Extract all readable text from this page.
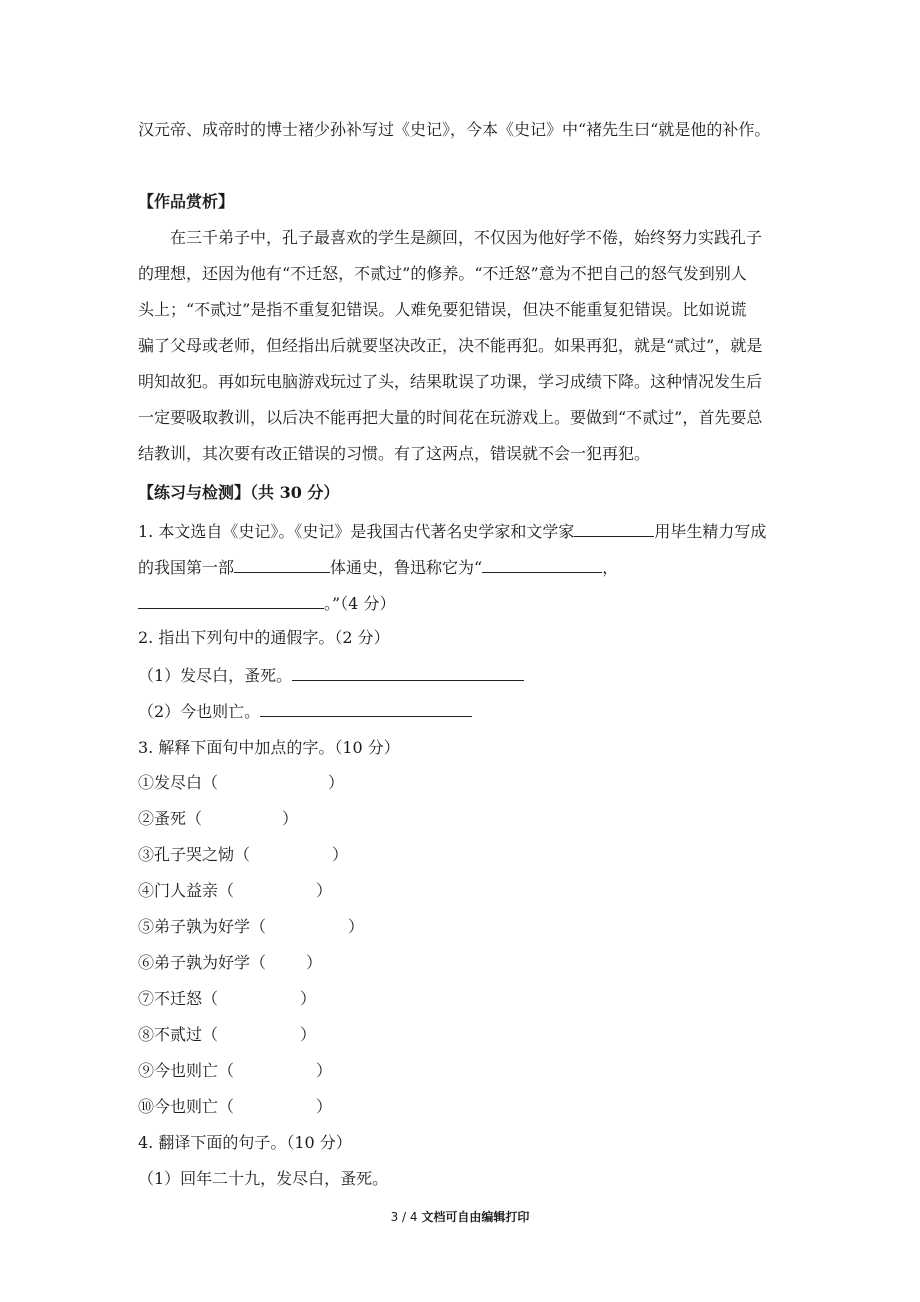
汉元帝、成帝时的博士褚少孙补写过《史记》，今本《史记》中“褚先生曰“就是他的补作。
【作品赏析】
在三千弟子中，孔子最喜欢的学生是颜回，不仅因为他好学不倦，始终努力实践孔子
的理想，还因为他有“不迁怒，不贰过”的修养。“不迁怒”意为不把自己的怒气发到别人
头上；“不贰过”是指不重复犯错误。人难免要犯错误，但决不能重复犯错误。比如说谎
骗了父母或老师，但经指出后就要坚决改正，决不能再犯。如果再犯，就是“贰过”，就是
明知故犯。再如玩电脑游戏玩过了头，结果耽误了功课，学习成绩下降。这种情况发生后
一定要吸取教训，以后决不能再把大量的时间花在玩游戏上。要做到“不贰过”，首先要总
结教训，其次要有改正错误的习惯。有了这两点，错误就不会一犯再犯。
【练习与检测】（共 30 分）
1. 本文选自《史记》。《史记》是我国古代著名史学家和文学家	用毕生精力写成
的我国第一部	体通史，鲁迅称它为“	，
。”（4 分）
2. 指出下列句中的通假字。（2 分）
（1）发尽白，蚤死。
（2）今也则亡。
3. 解释下面句中加点的字。（10 分）
①发尽白（	）
②蚤死（	）
③孔子哭之恸（	）
④门人益亲（	）
⑤弟子孰为好学（	）
⑥弟子孰为好学（	）
⑦不迁怒（	）
⑧不贰过（	）
⑨今也则亡（	）
⑩今也则亡（	）
4. 翻译下面的句子。（10 分）
（1）回年二十九，发尽白，蚤死。
3 / 4 文档可自由编辑打印
